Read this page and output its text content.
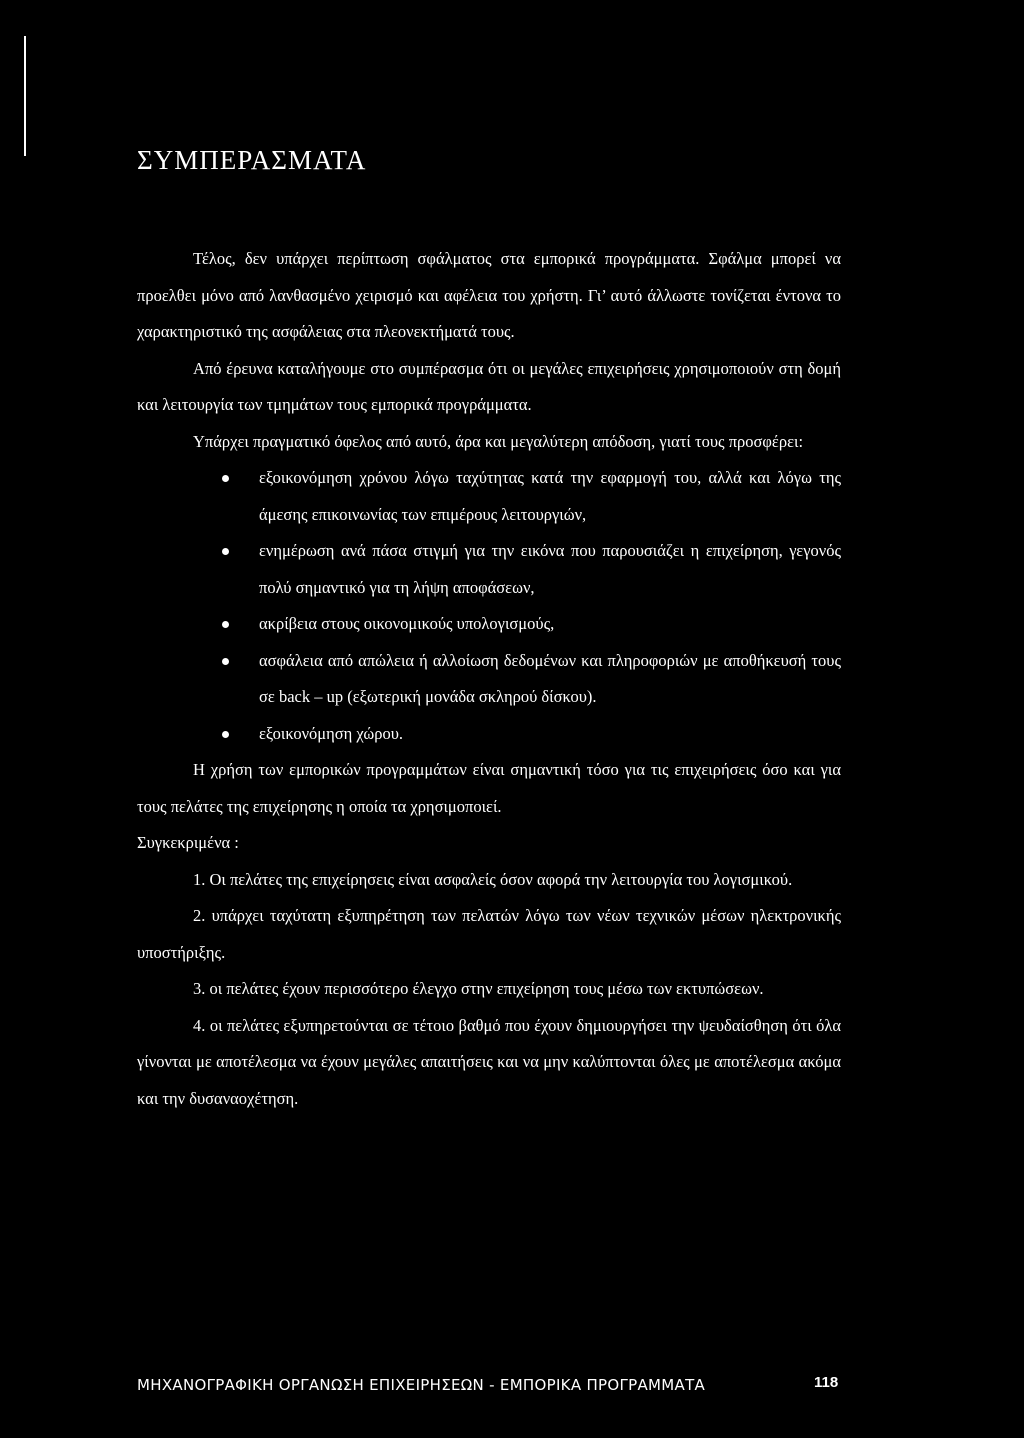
ΣΥΜΠΕΡΑΣΜΑΤΑ

Τέλος, δεν υπάρχει περίπτωση σφάλματος στα εμπορικά προγράμματα. Σφάλμα μπορεί να προελθει μόνο από λανθασμένο χειρισμό και αφέλεια του χρήστη. Γι’ αυτό άλλωστε τονίζεται έντονα το χαρακτηριστικό της ασφάλειας στα πλεονεκτήματά τους.

Από έρευνα καταλήγουμε στο συμπέρασμα ότι οι μεγάλες επιχειρήσεις χρησιμοποιούν στη δομή και λειτουργία των τμημάτων τους εμπορικά προγράμματα.

Υπάρχει πραγματικό όφελος από αυτό, άρα και μεγαλύτερη απόδοση, γιατί τους προσφέρει:

εξοικονόμηση χρόνου λόγω ταχύτητας κατά την εφαρμογή του, αλλά και λόγω της άμεσης επικοινωνίας των επιμέρους λειτουργιών,
ενημέρωση ανά πάσα στιγμή για την εικόνα που παρουσιάζει η επιχείρηση, γεγονός πολύ σημαντικό για τη λήψη αποφάσεων,
ακρίβεια στους οικονομικούς υπολογισμούς,
ασφάλεια από απώλεια ή αλλοίωση δεδομένων και πληροφοριών με αποθήκευσή τους σε back – up (εξωτερική μονάδα σκληρού δίσκου).
εξοικονόμηση χώρου.

Η χρήση των εμπορικών προγραμμάτων είναι σημαντική τόσο για τις επιχειρήσεις όσο και για τους πελάτες της επιχείρησης η οποία τα χρησιμοποιεί.

Συγκεκριμένα :

1. Οι πελάτες της επιχείρησεις είναι ασφαλείς όσον αφορά την λειτουργία του λογισμικού.

2. υπάρχει ταχύτατη εξυπηρέτηση των πελατών λόγω των νέων τεχνικών μέσων ηλεκτρονικής υποστήριξης.

3. οι πελάτες έχουν περισσότερο έλεγχο στην επιχείρηση τους μέσω των εκτυπώσεων.

4. οι πελάτες εξυπηρετούνται σε τέτοιο βαθμό που έχουν δημιουργήσει την ψευδαίσθηση ότι όλα γίνονται με αποτέλεσμα να έχουν μεγάλες απαιτήσεις και να μην καλύπτονται όλες με αποτέλεσμα ακόμα και την δυσαναοχέτηση.

ΜΗΧΑΝΟΓΡΑΦΙΚΗ ΟΡΓΑΝΩΣΗ ΕΠΙΧΕΙΡΗΣΕΩΝ - ΕΜΠΟΡΙΚΑ ΠΡΟΓΡΑΜΜΑΤΑ	118
